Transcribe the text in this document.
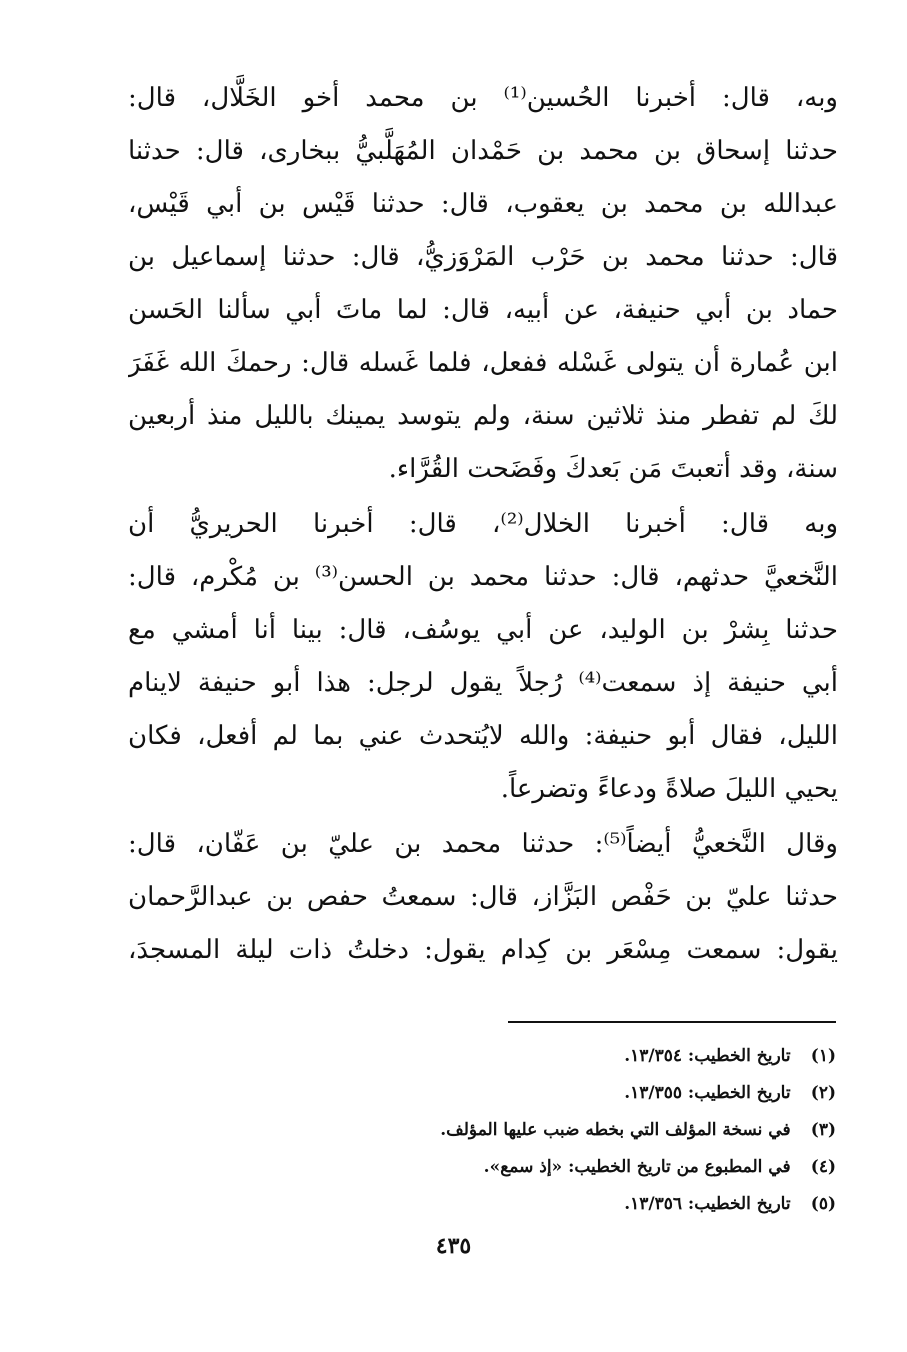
وبه، قال: أخبرنا الحُسين⁽¹⁾ بن محمد أخو الخَلَّال، قال:
حدثنا إسحاق بن محمد بن حَمْدان المُهَلَّبيُّ ببخارى، قال: حدثنا
عبدالله بن محمد بن يعقوب، قال: حدثنا قَيْس بن أبي قَيْس،
قال: حدثنا محمد بن حَرْب المَرْوَزيُّ، قال: حدثنا إسماعيل بن
حماد بن أبي حنيفة، عن أبيه، قال: لما ماتَ أبي سألنا الحَسن
ابن عُمارة أن يتولى غَسْله ففعل، فلما غَسله قال: رحمكَ الله غَفَرَ
لكَ لم تفطر منذ ثلاثين سنة، ولم يتوسد يمينك بالليل منذ أربعين
سنة، وقد أتعبتَ مَن بَعدكَ وفَضَحت القُرَّاء.
وبه قال: أخبرنا الخلال⁽²⁾، قال: أخبرنا الحريريُّ أن
النَّخعيَّ حدثهم، قال: حدثنا محمد بن الحسن⁽³⁾ بن مُكْرم، قال:
حدثنا بِشرْ بن الوليد، عن أبي يوسُف، قال: بينا أنا أمشي مع
أبي حنيفة إذ سمعت⁽⁴⁾ رُجلاً يقول لرجل: هذا أبو حنيفة لاينام
الليل، فقال أبو حنيفة: والله لايُتحدث عني بما لم أفعل، فكان
يحيي الليلَ صلاةً ودعاءً وتضرعاً.
وقال النَّخعيُّ أيضاً⁽⁵⁾: حدثنا محمد بن عليّ بن عَفّان، قال:
حدثنا عليّ بن حَفْص البَزَّاز، قال: سمعتُ حفص بن عبدالرَّحمان
يقول: سمعت مِسْعَر بن كِدام يقول: دخلتُ ذات ليلة المسجدَ،
(١) تاريخ الخطيب: ١٣/٣٥٤.
(٢) تاريخ الخطيب: ١٣/٣٥٥.
(٣) في نسخة المؤلف التي بخطه ضبب عليها المؤلف.
(٤) في المطبوع من تاريخ الخطيب: «إذ سمع».
(٥) تاريخ الخطيب: ١٣/٣٥٦.
٤٣٥
